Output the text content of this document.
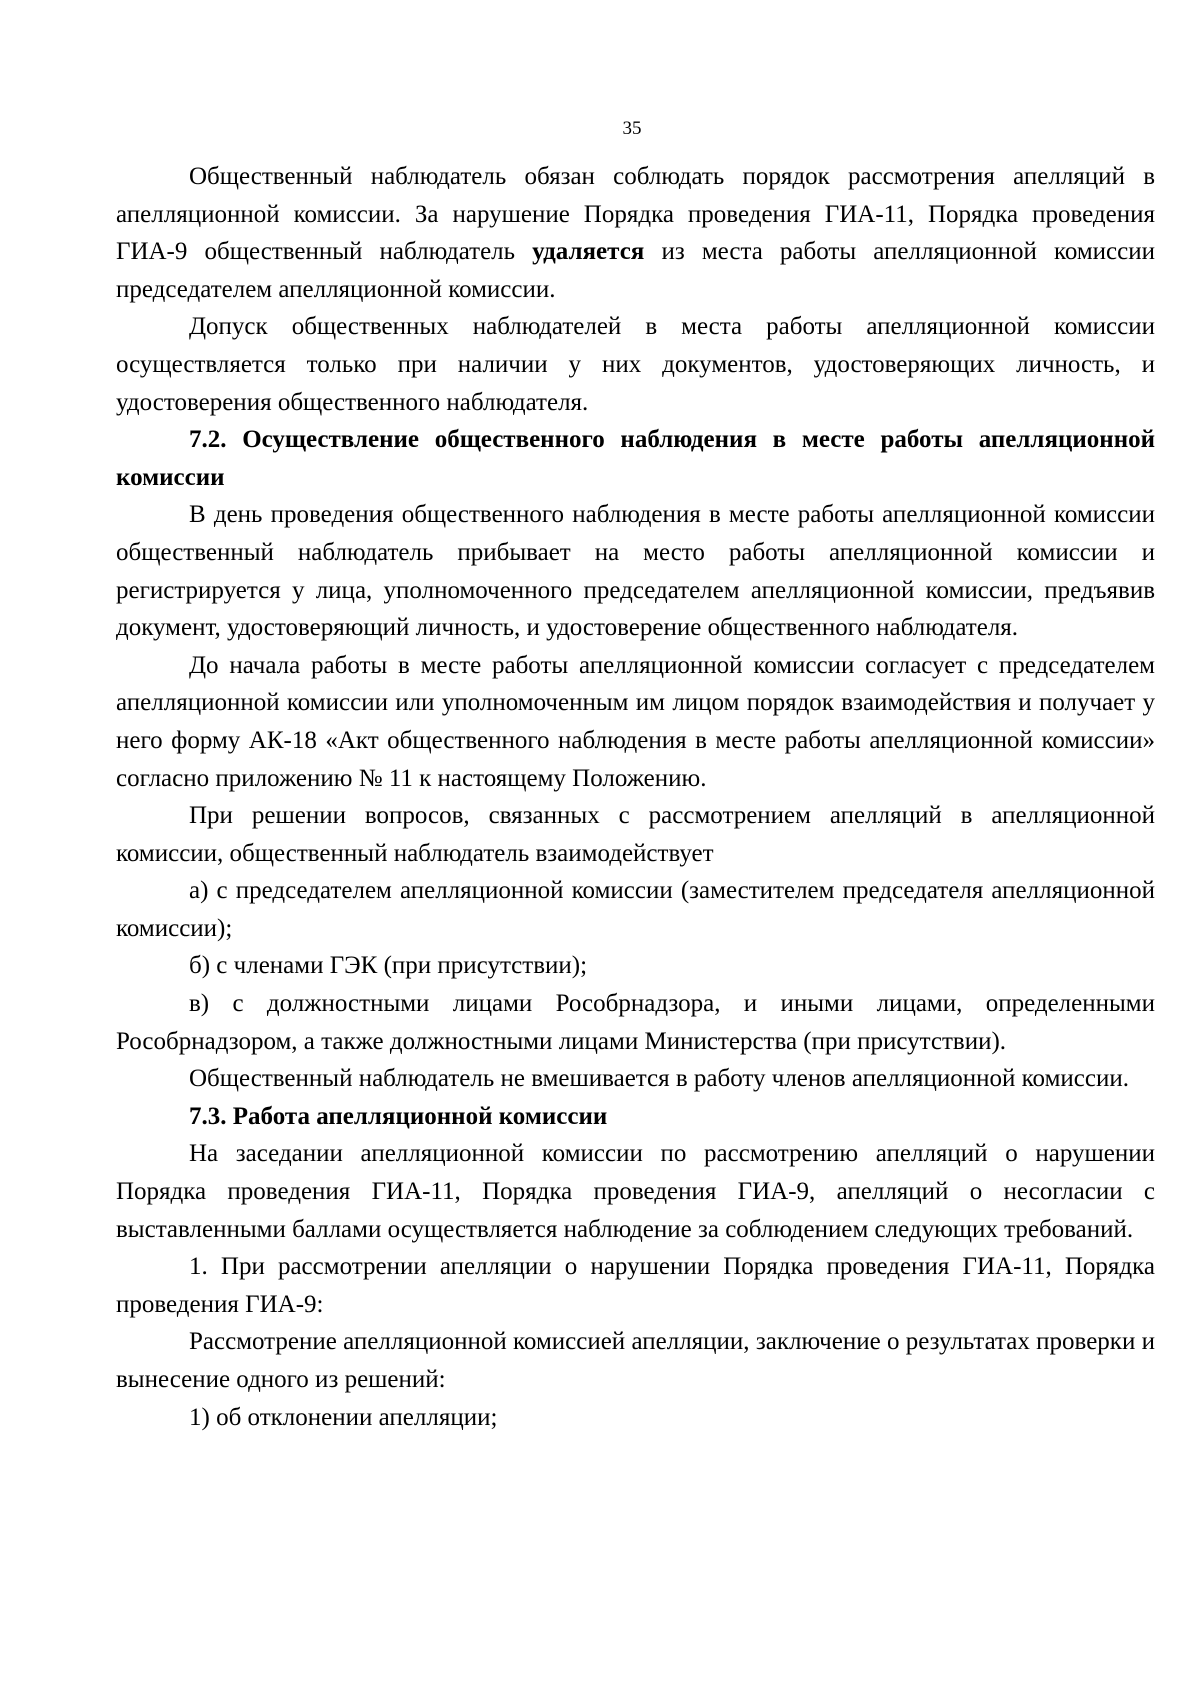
35

Общественный наблюдатель обязан соблюдать порядок рассмотрения апелляций в апелляционной комиссии. За нарушение Порядка проведения ГИА-11, Порядка проведения ГИА-9 общественный наблюдатель удаляется из места работы апелляционной комиссии председателем апелляционной комиссии.

Допуск общественных наблюдателей в места работы апелляционной комиссии осуществляется только при наличии у них документов, удостоверяющих личность, и удостоверения общественного наблюдателя.

7.2. Осуществление общественного наблюдения в месте работы апелляционной комиссии

В день проведения общественного наблюдения в месте работы апелляционной комиссии общественный наблюдатель прибывает на место работы апелляционной комиссии и регистрируется у лица, уполномоченного председателем апелляционной комиссии, предъявив документ, удостоверяющий личность, и удостоверение общественного наблюдателя.

До начала работы в месте работы апелляционной комиссии согласует с председателем апелляционной комиссии или уполномоченным им лицом порядок взаимодействия и получает у него форму АК-18 «Акт общественного наблюдения в месте работы апелляционной комиссии» согласно приложению № 11 к настоящему Положению.

При решении вопросов, связанных с рассмотрением апелляций в апелляционной комиссии, общественный наблюдатель взаимодействует

а) с председателем апелляционной комиссии (заместителем председателя апелляционной комиссии);

б) с членами ГЭК (при присутствии);

в) с должностными лицами Рособрнадзора, и иными лицами, определенными Рособрнадзором, а также должностными лицами Министерства (при присутствии).

Общественный наблюдатель не вмешивается в работу членов апелляционной комиссии.

7.3. Работа апелляционной комиссии

На заседании апелляционной комиссии по рассмотрению апелляций о нарушении Порядка проведения ГИА-11, Порядка проведения ГИА-9, апелляций о несогласии с выставленными баллами осуществляется наблюдение за соблюдением следующих требований.

1. При рассмотрении апелляции о нарушении Порядка проведения ГИА-11, Порядка проведения ГИА-9:

Рассмотрение апелляционной комиссией апелляции, заключение о результатах проверки и вынесение одного из решений:

1) об отклонении апелляции;
